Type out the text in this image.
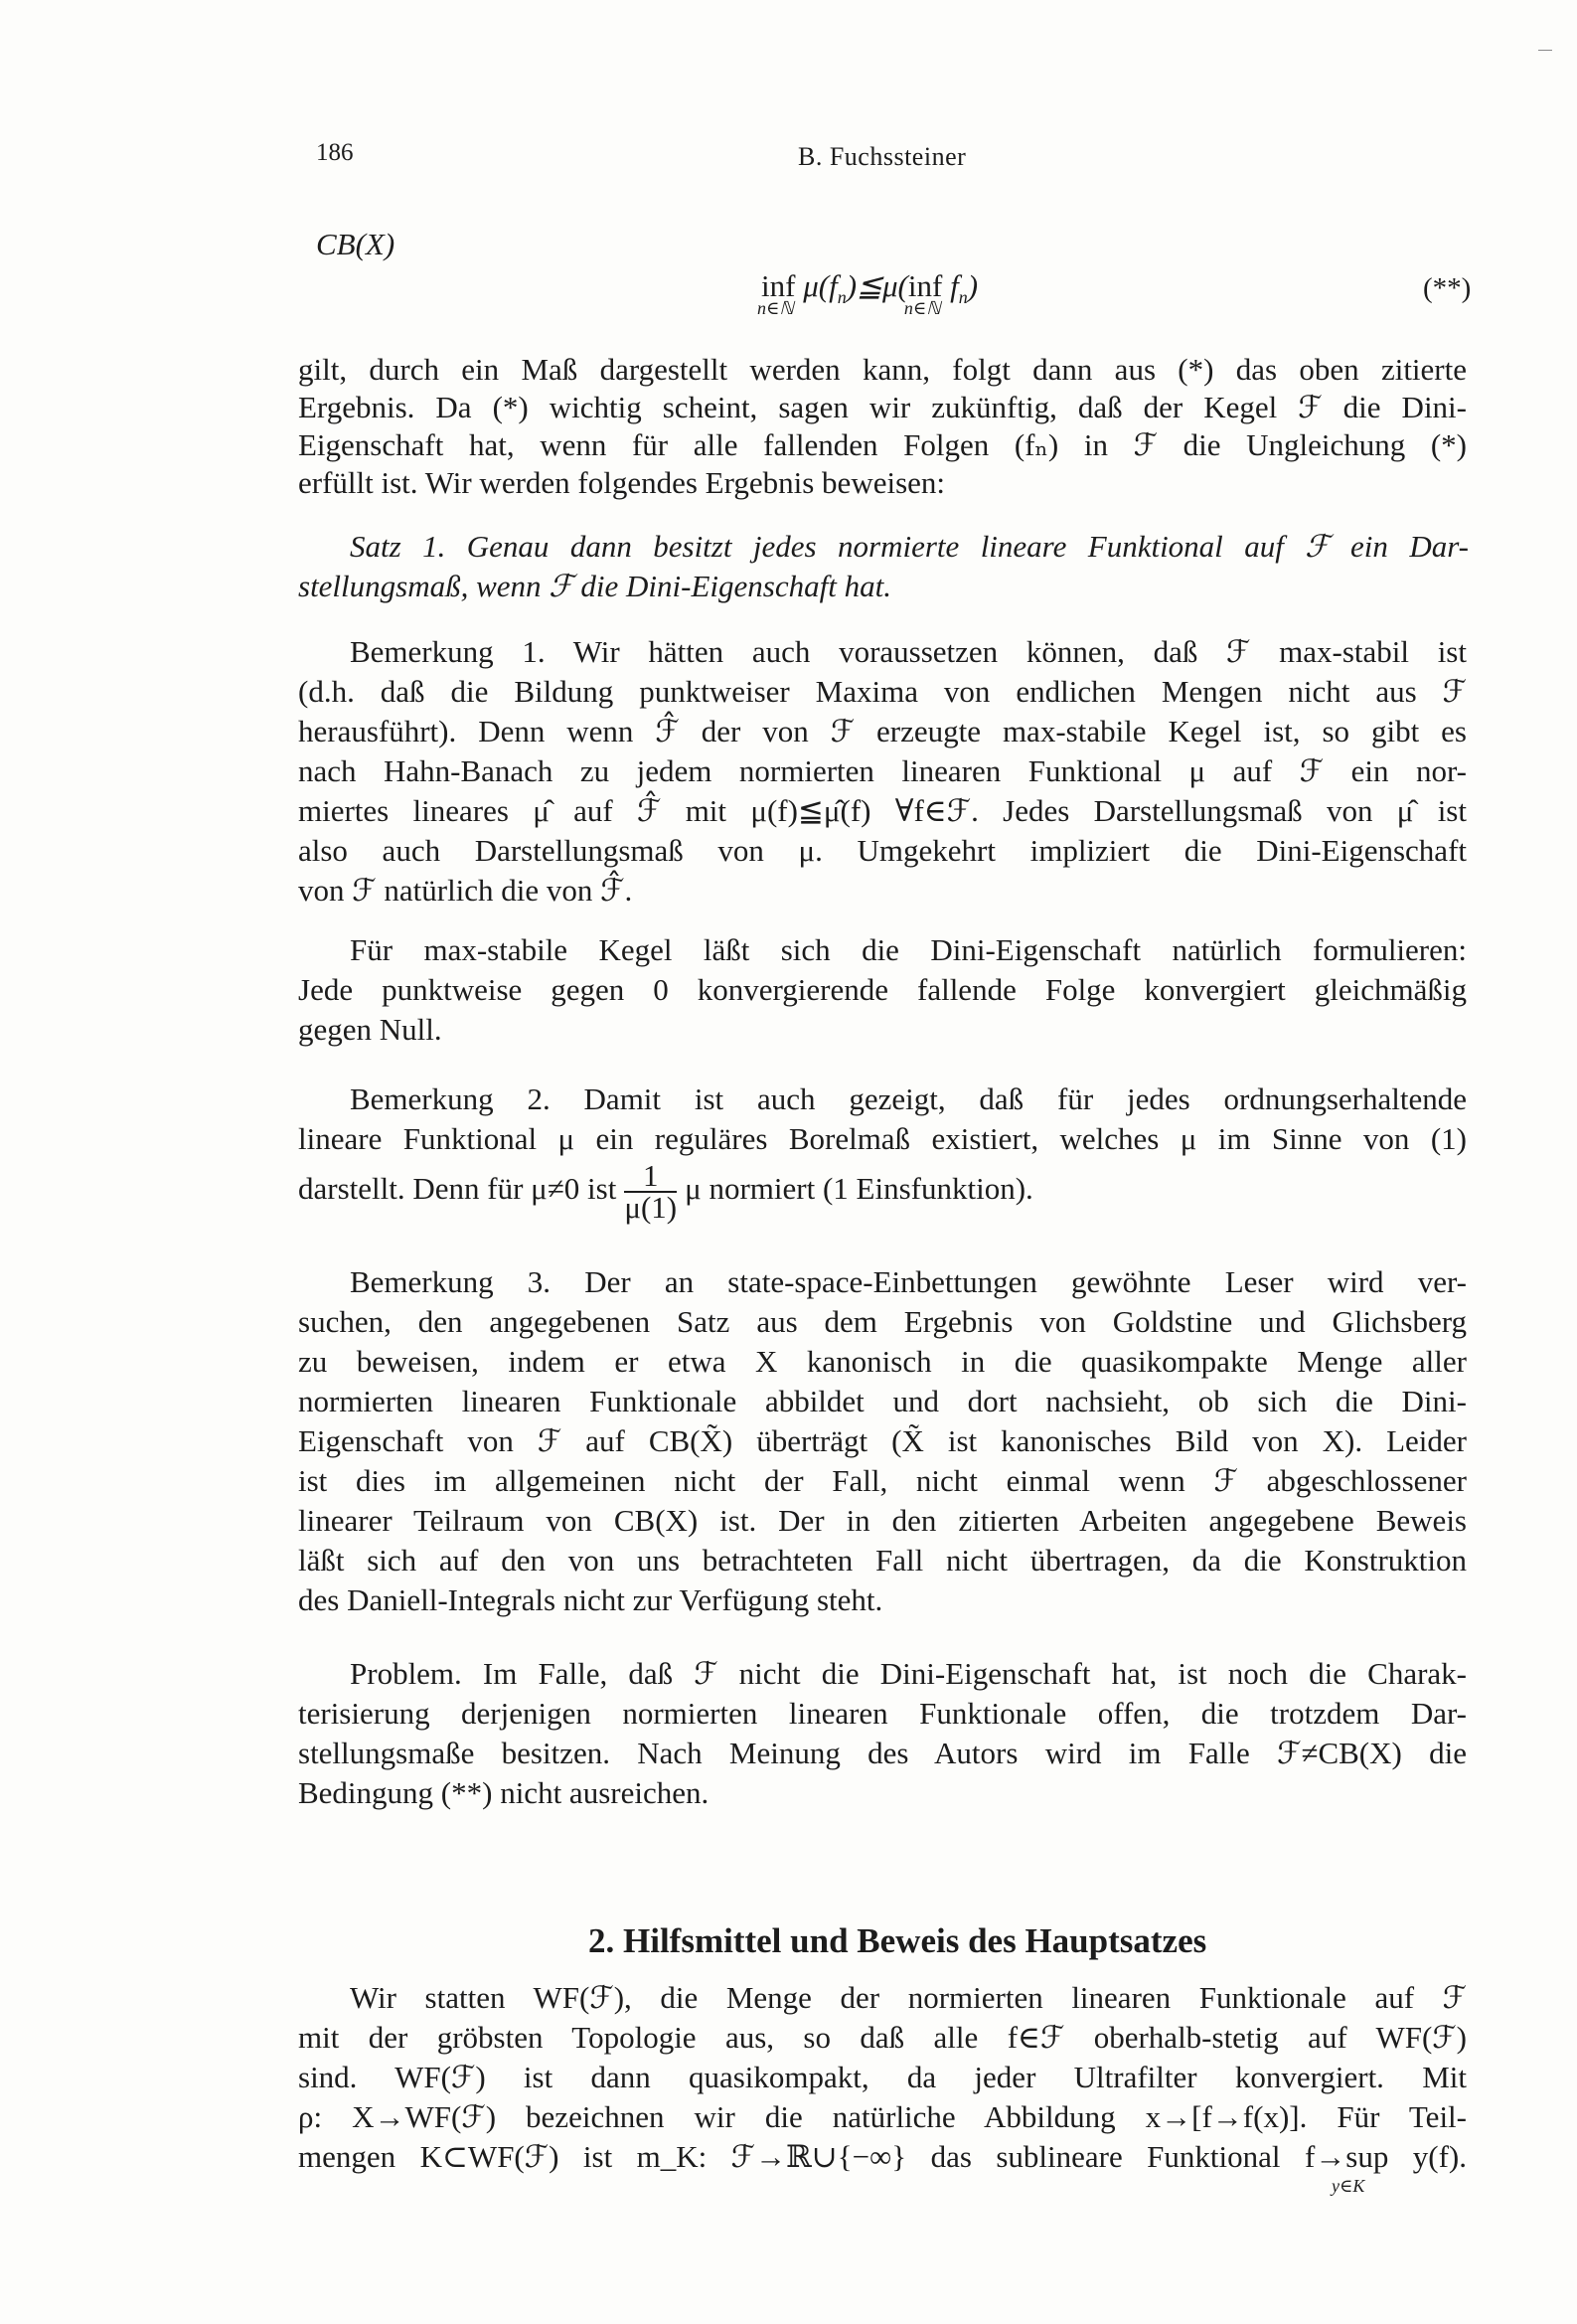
186	B. Fuchssteiner
CB(X)
inf
n∈ℕ
$\mu(f_n)≦\mu(inf$
n∈ℕ
$f_n$)	(**)
gilt, durch ein Maß dargestellt werden kann, folgt dann aus (*) das oben zitierte
Ergebnis. Da (*) wichtig scheint, sagen wir zukünftig, daß der Kegel ℱ die Dini-
Eigenschaft hat, wenn für alle fallenden Folgen (fₙ) in ℱ die Ungleichung (*)
erfüllt ist. Wir werden folgendes Ergebnis beweisen:
Satz 1. Genau dann besitzt jedes normierte lineare Funktional auf ℱ ein Dar-
stellungsmaß, wenn ℱ die Dini-Eigenschaft hat.
Bemerkung 1. Wir hätten auch voraussetzen können, daß ℱ max-stabil ist
(d.h. daß die Bildung punktweiser Maxima von endlichen Mengen nicht aus ℱ
herausführt). Denn wenn ℱ̂ der von ℱ erzeugte max-stabile Kegel ist, so gibt es
nach Hahn-Banach zu jedem normierten linearen Funktional μ auf ℱ ein nor-
miertes lineares μ̂ auf ℱ̂ mit μ(f)≦μ̂(f) ∀f∈ℱ. Jedes Darstellungsmaß von μ̂ ist
also auch Darstellungsmaß von μ. Umgekehrt impliziert die Dini-Eigenschaft
von ℱ natürlich die von ℱ̂.
Für max-stabile Kegel läßt sich die Dini-Eigenschaft natürlich formulieren:
Jede punktweise gegen 0 konvergierende fallende Folge konvergiert gleichmäßig
gegen Null.
Bemerkung 2. Damit ist auch gezeigt, daß für jedes ordnungserhaltende
lineare Funktional μ ein reguläres Borelmaß existiert, welches μ im Sinne von (1)
darstellt. Denn für μ≠0 ist $\frac{1}{\mu(1)}$ μ normiert (1 Einsfunktion).
Bemerkung 3. Der an state-space-Einbettungen gewöhnte Leser wird ver-
suchen, den angegebenen Satz aus dem Ergebnis von Goldstine und Glichsberg
zu beweisen, indem er etwa X kanonisch in die quasikompakte Menge aller
normierten linearen Funktionale abbildet und dort nachsieht, ob sich die Dini-
Eigenschaft von ℱ auf CB(X̃) überträgt (X̃ ist kanonisches Bild von X). Leider
ist dies im allgemeinen nicht der Fall, nicht einmal wenn ℱ abgeschlossener
linearer Teilraum von CB(X) ist. Der in den zitierten Arbeiten angegebene Beweis
läßt sich auf den von uns betrachteten Fall nicht übertragen, da die Konstruktion
des Daniell-Integrals nicht zur Verfügung steht.
Problem. Im Falle, daß ℱ nicht die Dini-Eigenschaft hat, ist noch die Charak-
terisierung derjenigen normierten linearen Funktionale offen, die trotzdem Dar-
stellungsmaße besitzen. Nach Meinung des Autors wird im Falle ℱ≠CB(X) die
Bedingung (**) nicht ausreichen.
2. Hilfsmittel und Beweis des Hauptsatzes
Wir statten WF(ℱ), die Menge der normierten linearen Funktionale auf ℱ
mit der gröbsten Topologie aus, so daß alle f∈ℱ oberhalb-stetig auf WF(ℱ)
sind. WF(ℱ) ist dann quasikompakt, da jeder Ultrafilter konvergiert. Mit
ρ: X→WF(ℱ) bezeichnen wir die natürliche Abbildung x→[f→f(x)]. Für Teil-
mengen K⊂WF(ℱ) ist m_K: ℱ→ℝ∪{−∞} das sublineare Funktional f→sup y(f).
y∈K
